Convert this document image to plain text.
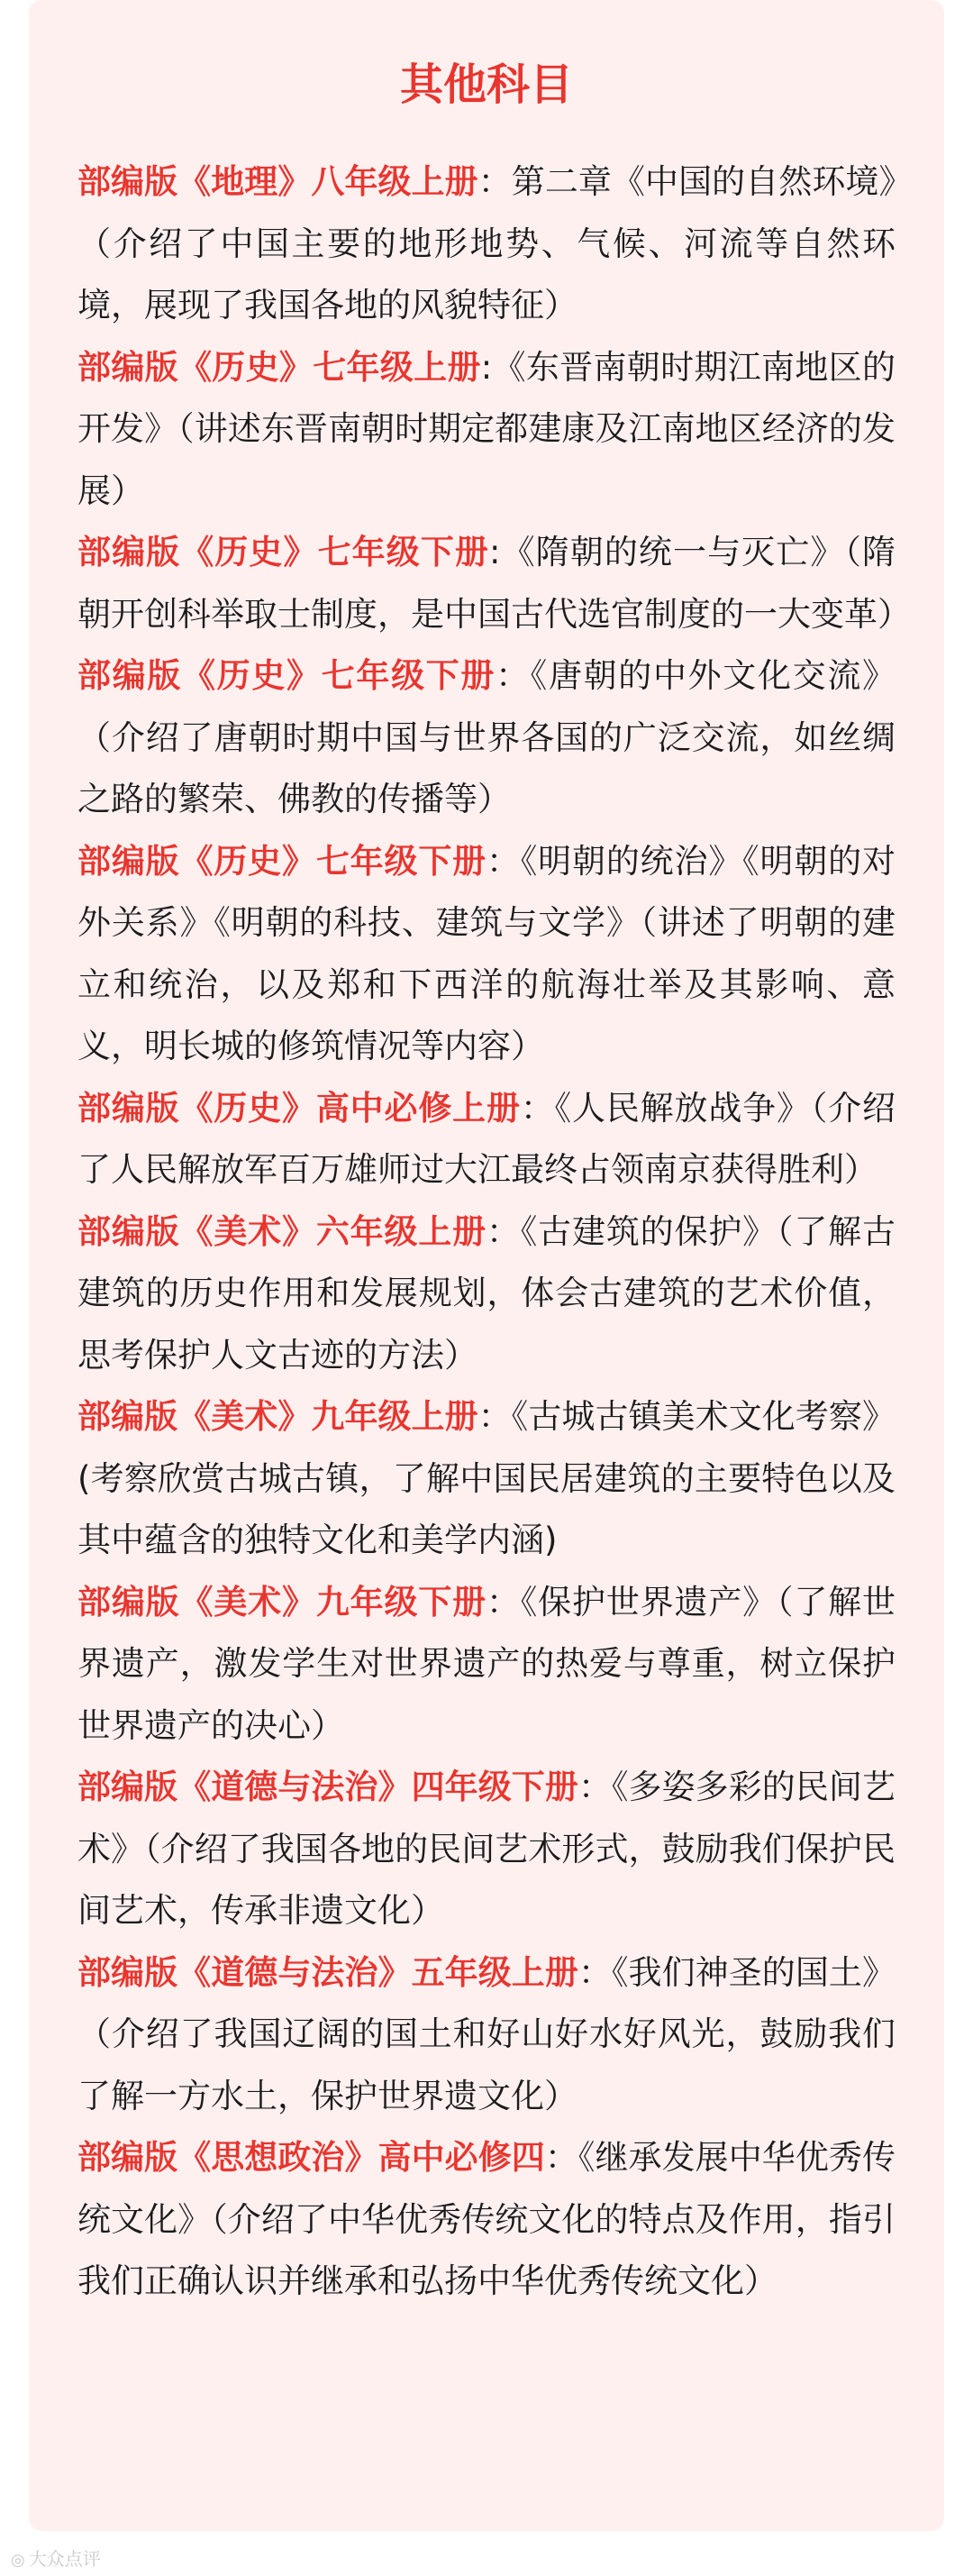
其他科目

部编版《地理》八年级上册：第二章《中国的自然环境》（介绍了中国主要的地形地势、气候、河流等自然环境，展现了我国各地的风貌特征）

部编版《历史》七年级上册:《东晋南朝时期江南地区的开发》（讲述东晋南朝时期定都建康及江南地区经济的发展）

部编版《历史》七年级下册:《隋朝的统一与灭亡》（隋朝开创科举取士制度，是中国古代选官制度的一大变革）

部编版《历史》七年级下册：《唐朝的中外文化交流》（介绍了唐朝时期中国与世界各国的广泛交流，如丝绸之路的繁荣、佛教的传播等）

部编版《历史》七年级下册：《明朝的统治》《明朝的对外关系》《明朝的科技、建筑与文学》（讲述了明朝的建立和统治，以及郑和下西洋的航海壮举及其影响、意义，明长城的修筑情况等内容）

部编版《历史》高中必修上册：《人民解放战争》（介绍了人民解放军百万雄师过大江最终占领南京获得胜利）

部编版《美术》六年级上册：《古建筑的保护》（了解古建筑的历史作用和发展规划，体会古建筑的艺术价值，思考保护人文古迹的方法）

部编版《美术》九年级上册：《古城古镇美术文化考察》(考察欣赏古城古镇，了解中国民居建筑的主要特色以及其中蕴含的独特文化和美学内涵)

部编版《美术》九年级下册：《保护世界遗产》（了解世界遗产，激发学生对世界遗产的热爱与尊重，树立保护世界遗产的决心）

部编版《道德与法治》四年级下册：《多姿多彩的民间艺术》（介绍了我国各地的民间艺术形式，鼓励我们保护民间艺术，传承非遗文化）

部编版《道德与法治》五年级上册：《我们神圣的国土》（介绍了我国辽阔的国土和好山好水好风光，鼓励我们了解一方水土，保护世界遗文化）

部编版《思想政治》高中必修四：《继承发展中华优秀传统文化》（介绍了中华优秀传统文化的特点及作用，指引我们正确认识并继承和弘扬中华优秀传统文化）

◎ 大众点评
